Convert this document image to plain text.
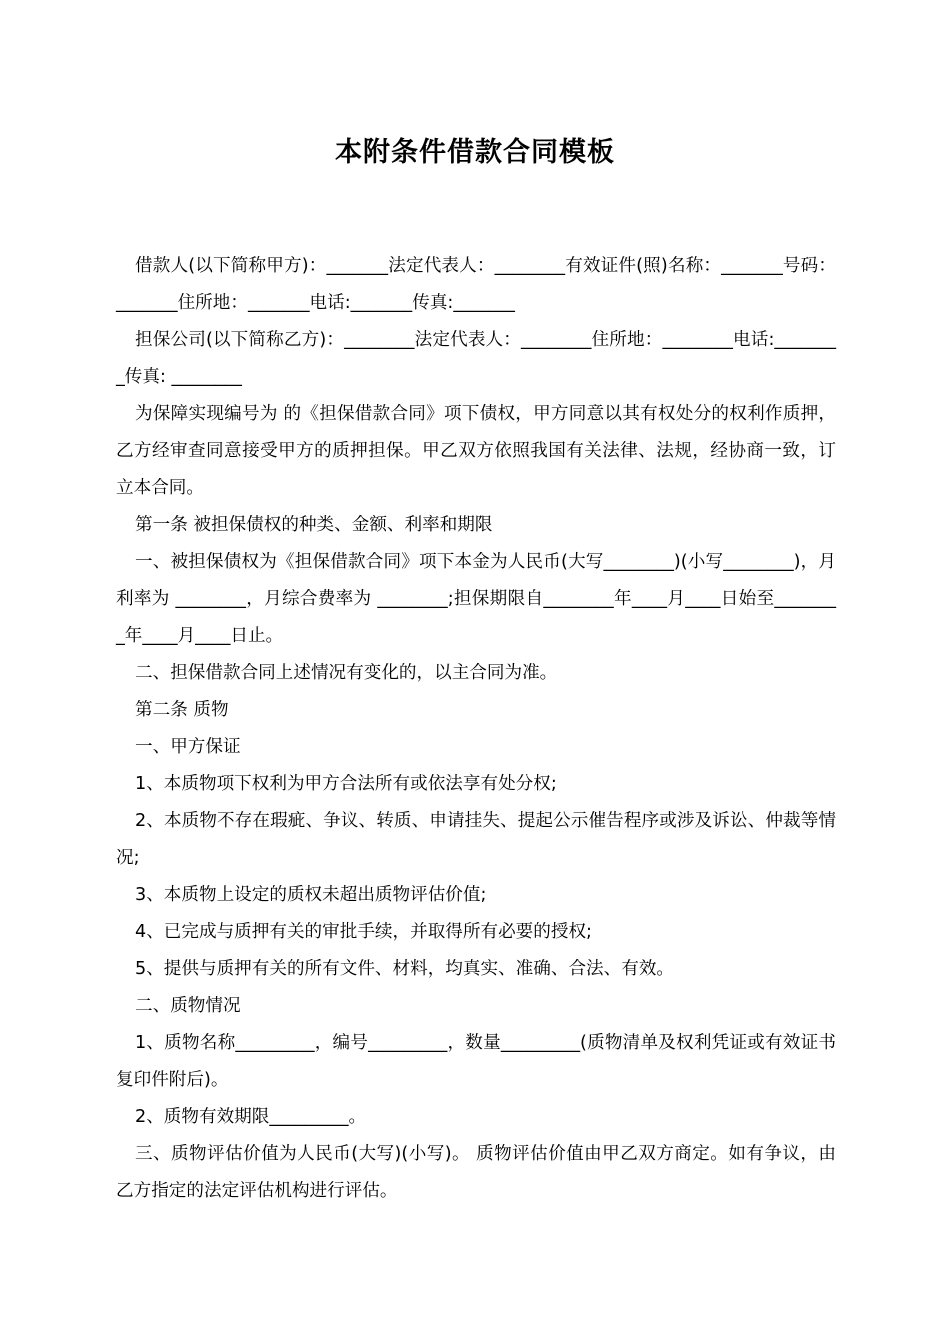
本附条件借款合同模板

借款人(以下简称甲方)：_______法定代表人：________有效证件(照)名称：_______号码：_______住所地：_______电话:_______传真:_______

担保公司(以下简称乙方)：________法定代表人：________住所地：________电话:________传真: ________

为保障实现编号为 的《担保借款合同》项下债权，甲方同意以其有权处分的权利作质押，乙方经审查同意接受甲方的质押担保。甲乙双方依照我国有关法律、法规，经协商一致，订立本合同。

第一条 被担保债权的种类、金额、利率和期限

一、被担保债权为《担保借款合同》项下本金为人民币(大写________)(小写________)，月利率为 ________，月综合费率为 ________;担保期限自________年____月____日始至________年____月____日止。

二、担保借款合同上述情况有变化的，以主合同为准。

第二条 质物

一、甲方保证

1、本质物项下权利为甲方合法所有或依法享有处分权;

2、本质物不存在瑕疵、争议、转质、申请挂失、提起公示催告程序或涉及诉讼、仲裁等情况;

3、本质物上设定的质权未超出质物评估价值;

4、已完成与质押有关的审批手续，并取得所有必要的授权;

5、提供与质押有关的所有文件、材料，均真实、准确、合法、有效。

二、质物情况

1、质物名称_________，编号_________，数量_________(质物清单及权利凭证或有效证书复印件附后)。

2、质物有效期限_________。

三、质物评估价值为人民币(大写)(小写)。 质物评估价值由甲乙双方商定。如有争议，由乙方指定的法定评估机构进行评估。
